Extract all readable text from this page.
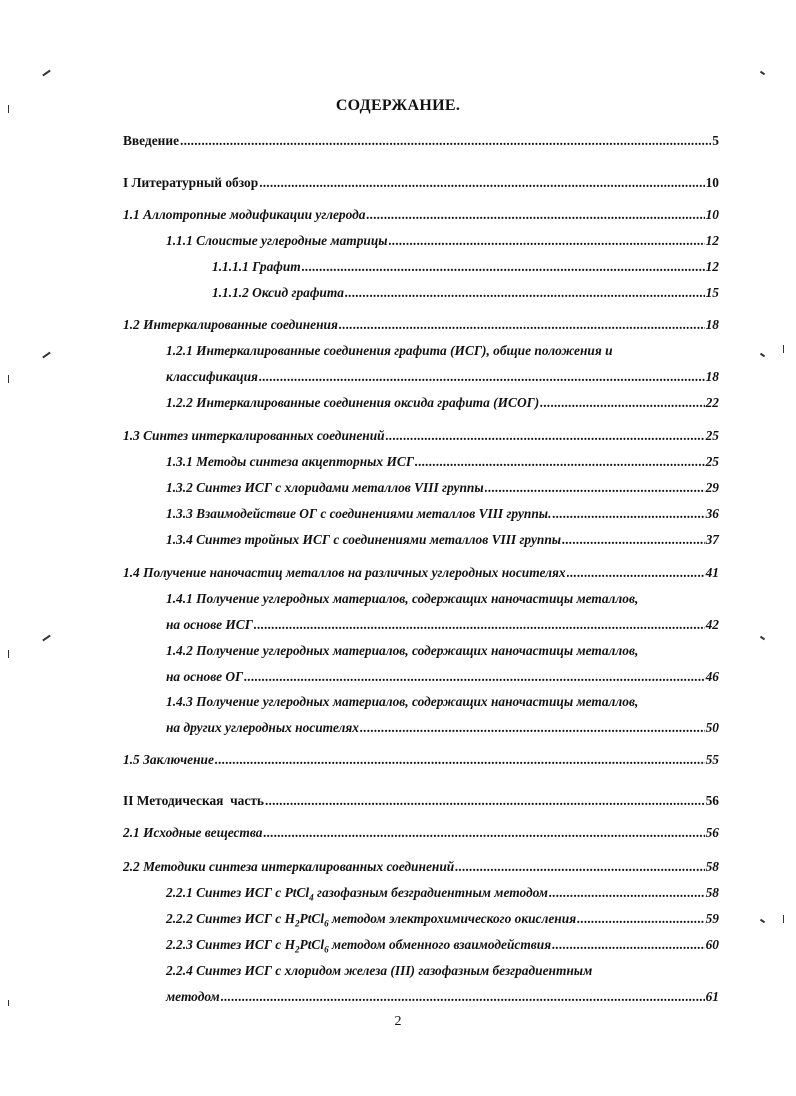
СОДЕРЖАНИЕ.
Введение .....	5
I Литературный обзор .....	10
1.1 Аллотропные модификации углерода .....	10
1.1.1 Слоистые углеродные матрицы .....	12
1.1.1.1 Графит .....	12
1.1.1.2 Оксид графита .....	15
1.2 Интеркалированные соединения .....	18
1.2.1 Интеркалированные соединения графита (ИСГ), общие положения и
классификация .....	18
1.2.2 Интеркалированные соединения оксида графита (ИСОГ) .....	22
1.3 Синтез интеркалированных соединений .....	25
1.3.1 Методы синтеза акцепторных ИСГ .....	25
1.3.2 Синтез ИСГ с хлоридами металлов VIII группы .....	29
1.3.3 Взаимодействие ОГ с соединениями металлов VIII группы. .....	36
1.3.4 Синтез тройных ИСГ с соединениями металлов VIII группы .....	37
1.4 Получение наночастиц металлов на различных углеродных носителях .....	41
1.4.1 Получение углеродных материалов, содержащих наночастицы металлов,
на основе ИСГ .....	42
1.4.2 Получение углеродных материалов, содержащих наночастицы металлов,
на основе ОГ .....	46
1.4.3 Получение углеродных материалов, содержащих наночастицы металлов,
на других углеродных носителях .....	50
1.5 Заключение .....	55
II Методическая  часть .....	56
2.1 Исходные вещества .....	56
2.2 Методики синтеза интеркалированных соединений .....	58
2.2.1 Синтез ИСГ с PtCl$_4$ газофазным безградиентным методом .....	58
2.2.2 Синтез ИСГ с $H_2PtCl_6$ методом электрохимического окисления .....	59
2.2.3 Синтез ИСГ с $H_2PtCl_6$ методом обменного взаимодействия .....	60
2.2.4 Синтез ИСГ с хлоридом железа (III) газофазным безградиентным
методом .....	61
2
